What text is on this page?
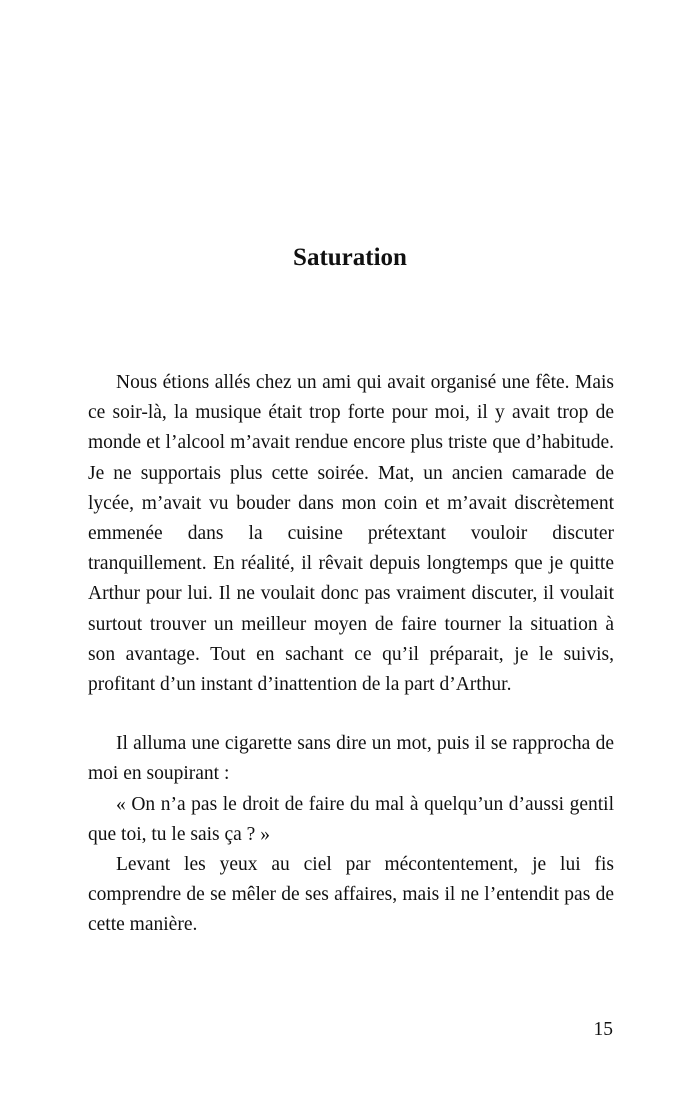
Saturation

Nous étions allés chez un ami qui avait organisé une fête. Mais ce soir-là, la musique était trop forte pour moi, il y avait trop de monde et l’alcool m’avait rendue encore plus triste que d’habitude. Je ne supportais plus cette soirée. Mat, un ancien camarade de lycée, m’avait vu bouder dans mon coin et m’avait discrètement emmenée dans la cuisine prétextant vouloir discuter tranquillement. En réalité, il rêvait depuis longtemps que je quitte Arthur pour lui. Il ne voulait donc pas vraiment discuter, il voulait surtout trouver un meilleur moyen de faire tourner la situation à son avantage. Tout en sachant ce qu’il préparait, je le suivis, profitant d’un instant d’inattention de la part d’Arthur.

Il alluma une cigarette sans dire un mot, puis il se rapprocha de moi en soupirant :

« On n’a pas le droit de faire du mal à quelqu’un d’aussi gentil que toi, tu le sais ça ? »

Levant les yeux au ciel par mécontentement, je lui fis comprendre de se mêler de ses affaires, mais il ne l’entendit pas de cette manière.

15
